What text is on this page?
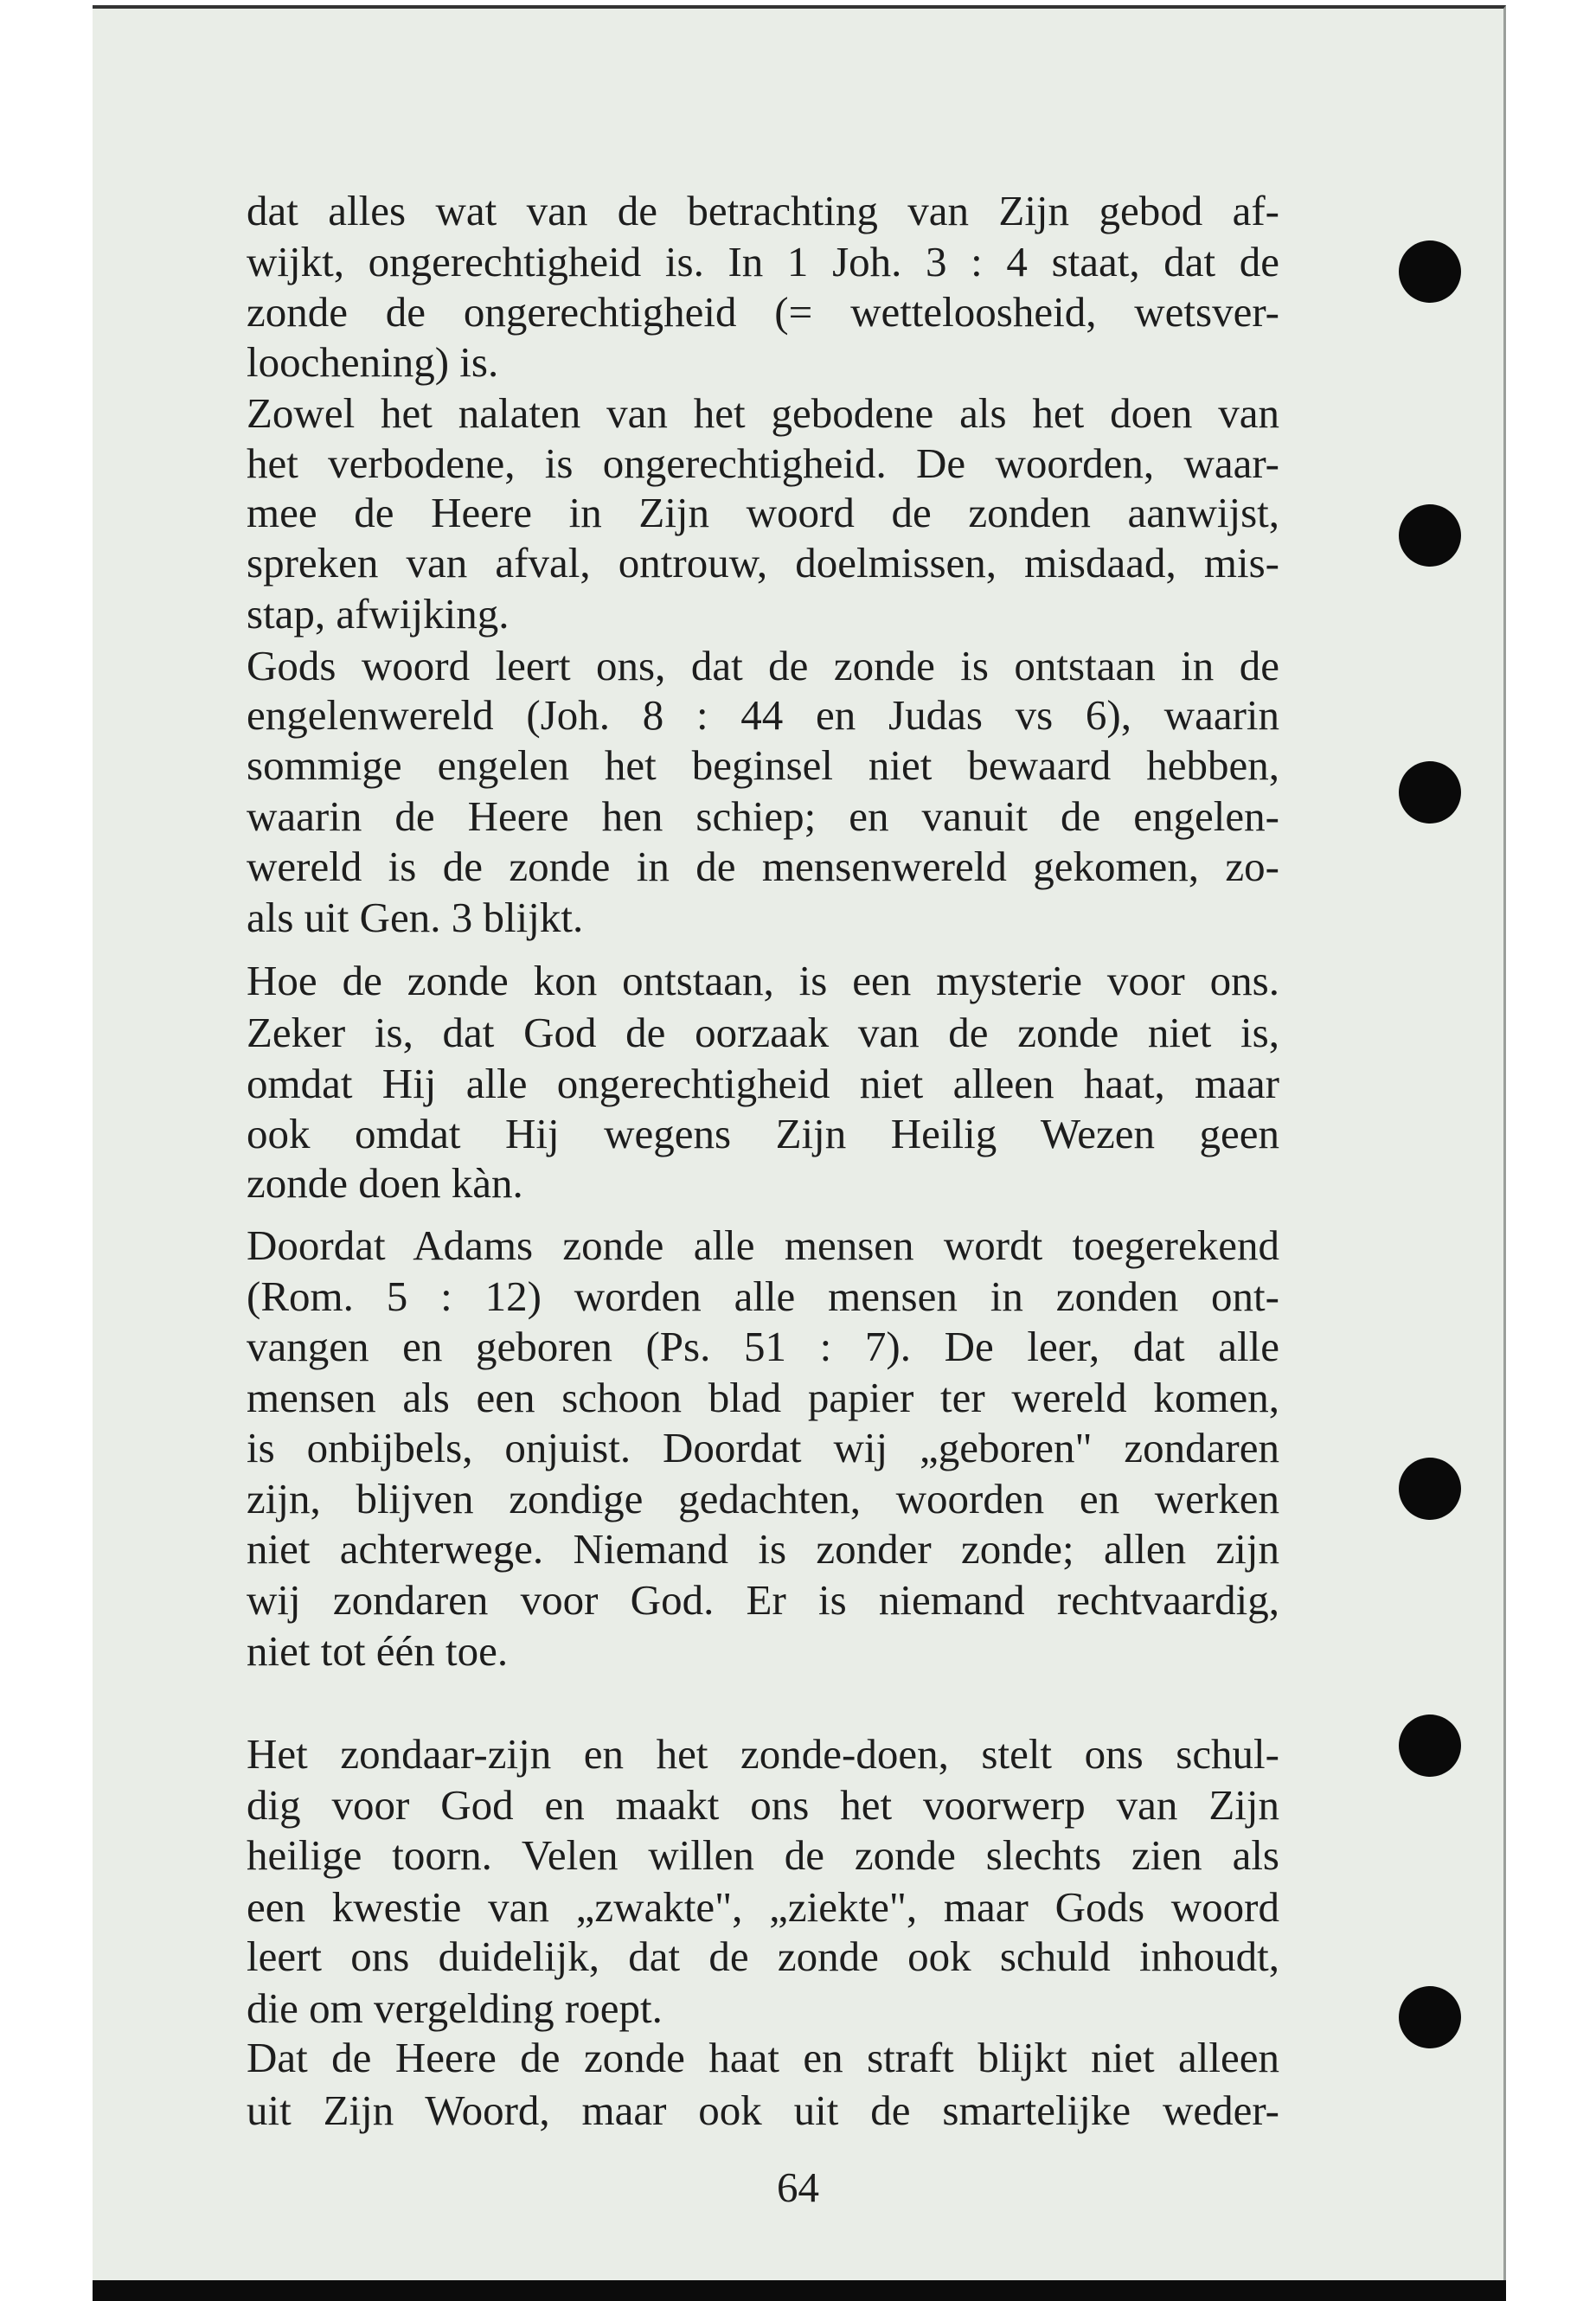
dat alles wat van de betrachting van Zijn gebod af-
wijkt, ongerechtigheid is. In 1 Joh. 3 : 4 staat, dat de
zonde de ongerechtigheid (= wetteloosheid, wetsver-
loochening) is.
Zowel het nalaten van het gebodene als het doen van
het verbodene, is ongerechtigheid. De woorden, waar-
mee de Heere in Zijn woord de zonden aanwijst,
spreken van afval, ontrouw, doelmissen, misdaad, mis-
stap, afwijking.
Gods woord leert ons, dat de zonde is ontstaan in de
engelenwereld (Joh. 8 : 44 en Judas vs 6), waarin
sommige engelen het beginsel niet bewaard hebben,
waarin de Heere hen schiep; en vanuit de engelen-
wereld is de zonde in de mensenwereld gekomen, zo-
als uit Gen. 3 blijkt.
Hoe de zonde kon ontstaan, is een mysterie voor ons.
Zeker is, dat God de oorzaak van de zonde niet is,
omdat Hij alle ongerechtigheid niet alleen haat, maar
ook omdat Hij wegens Zijn Heilig Wezen geen
zonde doen kàn.
Doordat Adams zonde alle mensen wordt toegerekend
(Rom. 5 : 12) worden alle mensen in zonden ont-
vangen en geboren (Ps. 51 : 7). De leer, dat alle
mensen als een schoon blad papier ter wereld komen,
is onbijbels, onjuist. Doordat wij „geboren" zondaren
zijn, blijven zondige gedachten, woorden en werken
niet achterwege. Niemand is zonder zonde; allen zijn
wij zondaren voor God. Er is niemand rechtvaardig,
niet tot één toe.
Het zondaar-zijn en het zonde-doen, stelt ons schul-
dig voor God en maakt ons het voorwerp van Zijn
heilige toorn. Velen willen de zonde slechts zien als
een kwestie van „zwakte", „ziekte", maar Gods woord
leert ons duidelijk, dat de zonde ook schuld inhoudt,
die om vergelding roept.
Dat de Heere de zonde haat en straft blijkt niet alleen
uit Zijn Woord, maar ook uit de smartelijke weder-
64
